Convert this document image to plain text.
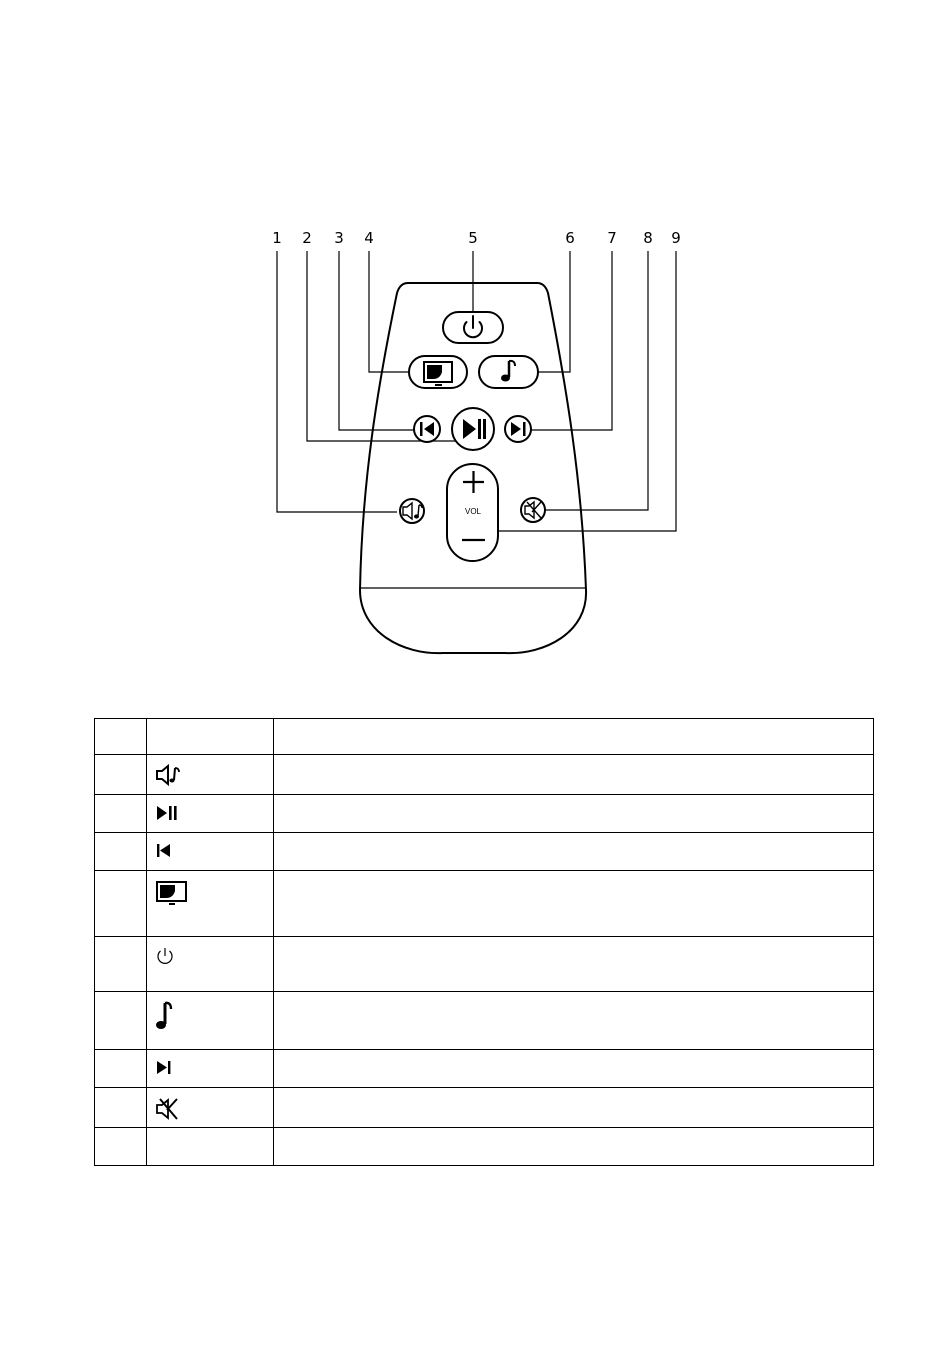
1 2 3 4	5	6 7 8 9
VOL
